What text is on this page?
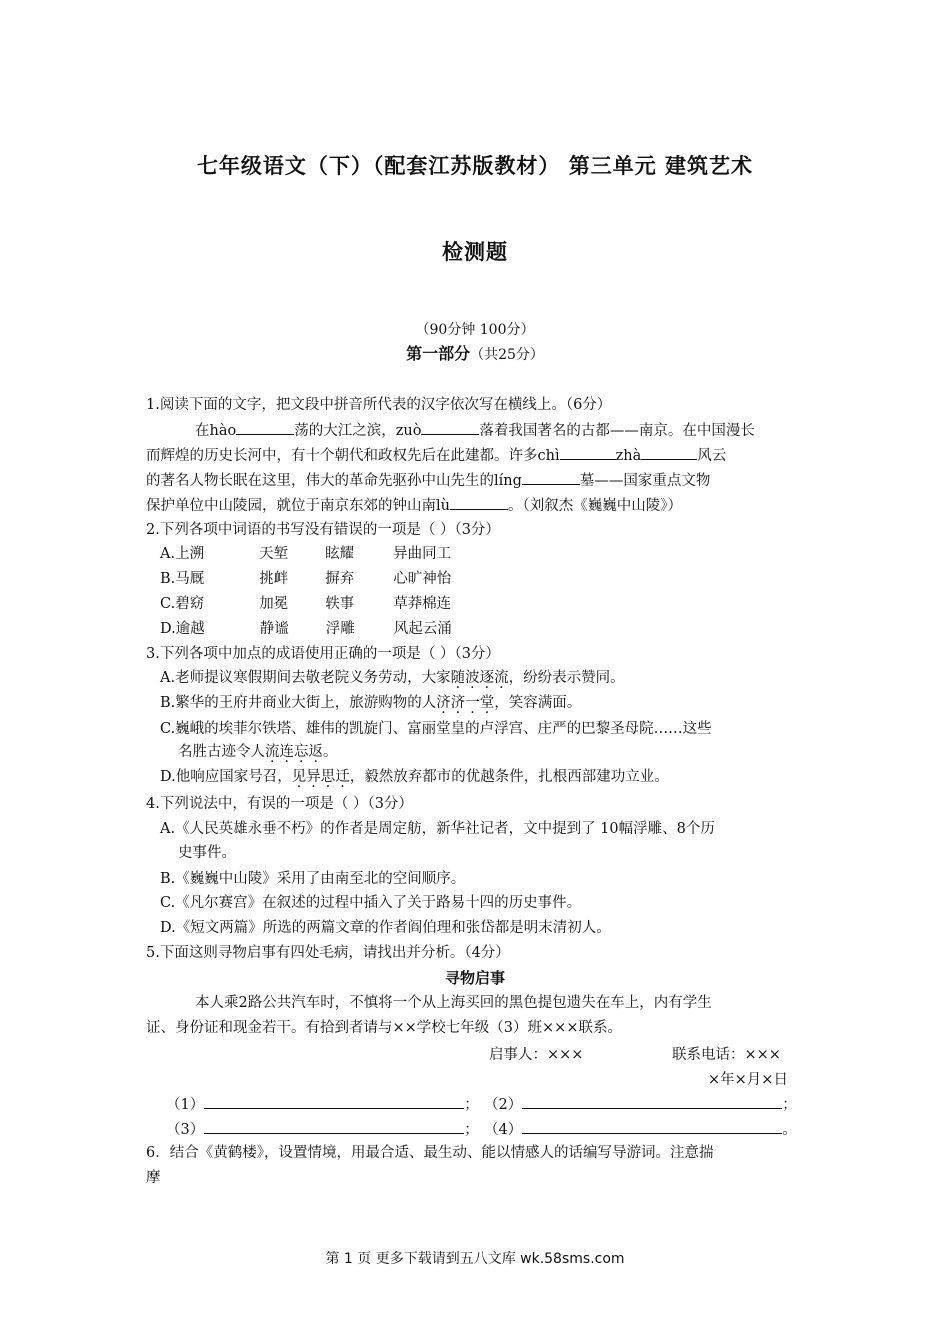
七年级语文（下）（配套江苏版教材） 第三单元 建筑艺术
检测题
（90分钟 100分）
第一部分（共25分）
1.阅读下面的文字，把文段中拼音所代表的汉字依次写在横线上。（6分）
在hào	荡的大江之滨，zuò	落着我国著名的古都——南京。在中国漫长
而辉煌的历史长河中，有十个朝代和政权先后在此建都。许多chì	zhà	风云
的著名人物长眠在这里，伟大的革命先驱孙中山先生的líng	墓——国家重点文物
保护单位中山陵园，就位于南京东郊的钟山南lù	。（刘叙杰《巍巍中山陵》）
2.下列各项中词语的书写没有错误的一项是（ ）（3分）
A.上溯	天堑	眩耀	异曲同工
B.马厩	挑衅	摒弃	心旷神怡
C.碧窈	加冕	轶事	草莽棉连
D.逾越	静谧	浮雕	风起云涌
3.下列各项中加点的成语使用正确的一项是（ ）（3分）
A.老师提议寒假期间去敬老院义务劳动，大家随波逐流，纷纷表示赞同。
B.繁华的王府井商业大街上，旅游购物的人济济一堂，笑容满面。
C.巍峨的埃菲尔铁塔、雄伟的凯旋门、富丽堂皇的卢浮宫、庄严的巴黎圣母院……这些
名胜古迹令人流连忘返。
D.他响应国家号召，见异思迁，毅然放弃都市的优越条件，扎根西部建功立业。
4.下列说法中，有误的一项是（ ）（3分）
A.《人民英雄永垂不朽》的作者是周定舫，新华社记者，文中提到了 10幅浮雕、8个历
史事件。
B.《巍巍中山陵》采用了由南至北的空间顺序。
C.《凡尔赛宫》在叙述的过程中插入了关于路易十四的历史事件。
D.《短文两篇》所选的两篇文章的作者阎伯理和张岱都是明末清初人。
5.下面这则寻物启事有四处毛病，请找出并分析。（4分）
寻物启事
本人乘2路公共汽车时，不慎将一个从上海买回的黑色提包遗失在车上，内有学生
证、身份证和现金若干。有拾到者请与××学校七年级（3）班×××联系。
启事人：×××	联系电话：×××
×年×月×日
（1）	； （2）	；
（3）	； （4）	。
6．结合《黄鹤楼》，设置情境，用最合适、最生动、能以情感人的话编写导游词。注意揣
摩
第 1 页 更多下载请到五八文库 wk.58sms.com
